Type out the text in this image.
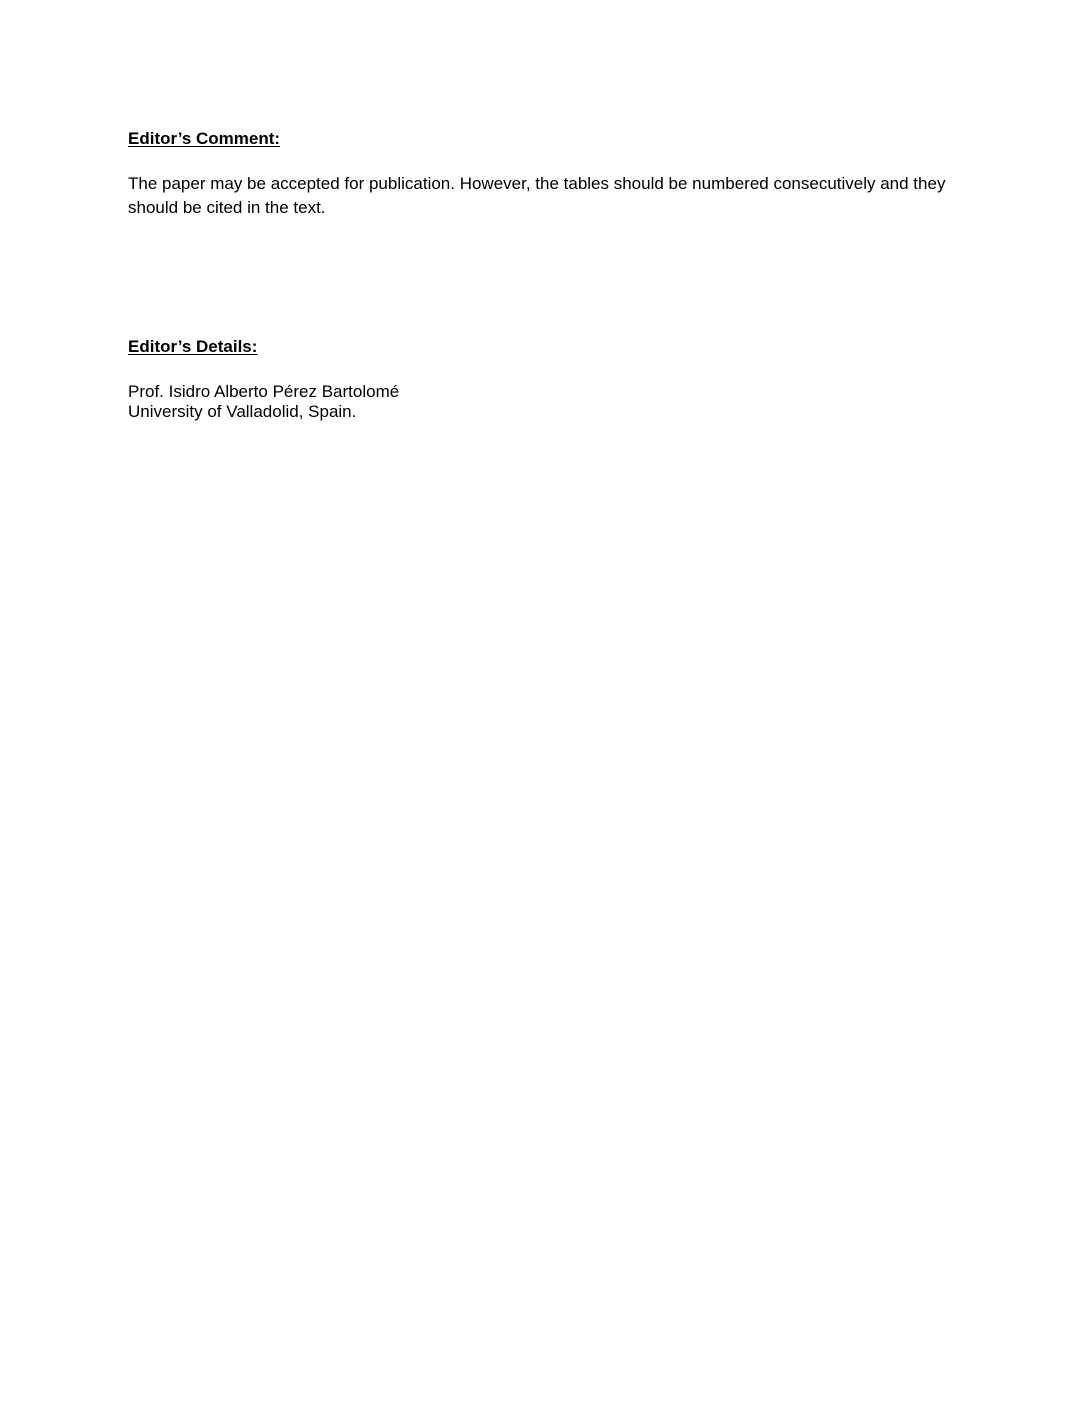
Editor’s Comment:

The paper may be accepted for publication. However, the tables should be numbered consecutively and they should be cited in the text.

Editor’s Details:

Prof. Isidro Alberto Pérez Bartolomé

University of Valladolid, Spain.
